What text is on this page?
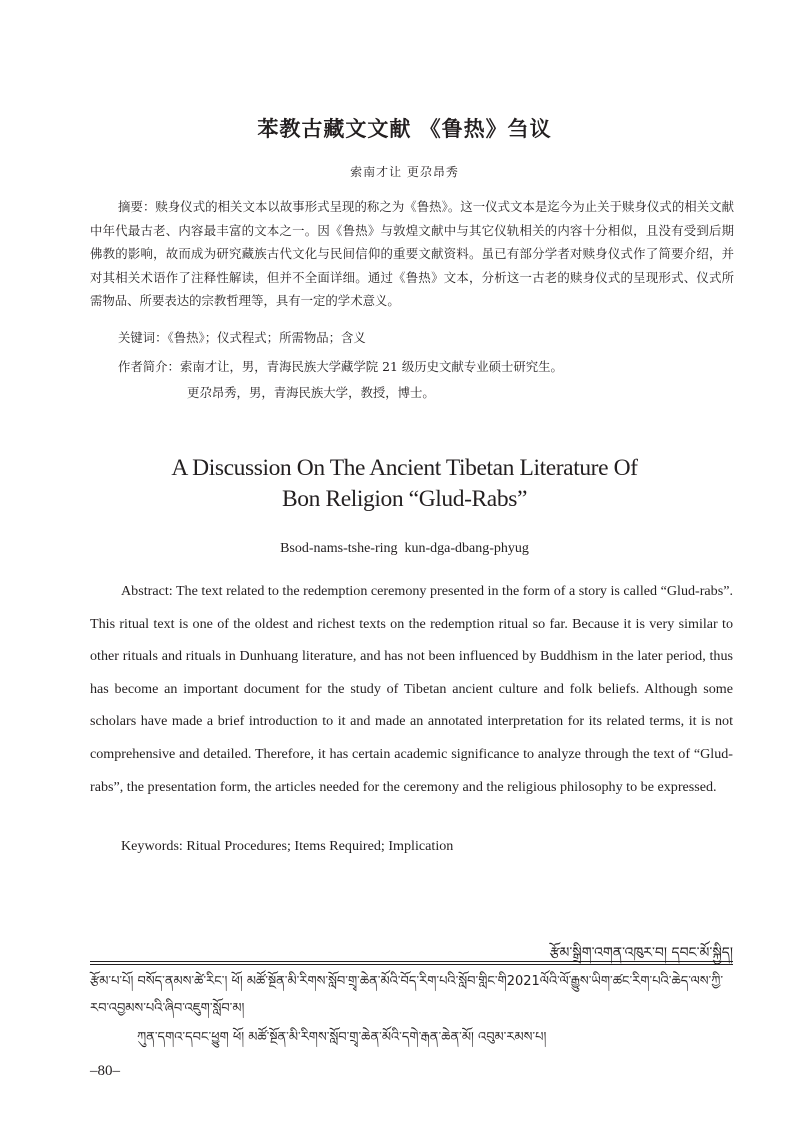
苯教古藏文文献 《鲁热》刍议
索南才让 更尕昂秀
摘要：赎身仪式的相关文本以故事形式呈现的称之为《鲁热》。这一仪式文本是迄今为止关于赎身仪式的相关文献中年代最古老、内容最丰富的文本之一。因《鲁热》与敦煌文献中与其它仪轨相关的内容十分相似，且没有受到后期佛教的影响，故而成为研究藏族古代文化与民间信仰的重要文献资料。虽已有部分学者对赎身仪式作了简要介绍，并对其相关术语作了注释性解读，但并不全面详细。通过《鲁热》文本，分析这一古老的赎身仪式的呈现形式、仪式所需物品、所要表达的宗教哲理等，具有一定的学术意义。
关键词：《鲁热》；仪式程式；所需物品；含义
作者简介：索南才让，男，青海民族大学藏学院 21 级历史文献专业硕士研究生。
更尕昂秀，男，青海民族大学，教授，博士。
A Discussion On The Ancient Tibetan Literature Of
Bon Religion “Glud-Rabs”
Bsod-nams-tshe-ring  kun-dga-dbang-phyug
Abstract: The text related to the redemption ceremony presented in the form of a story is called “Glud-rabs”. This ritual text is one of the oldest and richest texts on the redemption ritual so far. Because it is very similar to other rituals and rituals in Dunhuang literature, and has not been influenced by Buddhism in the later period, thus has become an important document for the study of Tibetan ancient culture and folk beliefs. Although some scholars have made a brief introduction to it and made an annotated interpretation for its related terms, it is not comprehensive and detailed. Therefore, it has certain academic significance to analyze through the text of “Glud-rabs”, the presentation form, the articles needed for the ceremony and the religious philosophy to be expressed.
Keywords: Ritual Procedures; Items Required; Implication
རྩོམ་སྒྲིག་འགན་འཁུར་བ། དབང་མོ་སྐྱིད།
རྩོམ་པ་པོ། བསོད་ནམས་ཚེ་རིང་། ཕོ། མཚོ་སྔོན་མི་རིགས་སློབ་གྲྭ་ཆེན་མོའི་བོད་རིག་པའི་སློབ་གླིང་གི2021ལོའི་ལོ་རྒྱུས་ཡིག་ཚང་རིག་པའི་ཆེད་ལས་ཀྱི་རབ་འབྱམས་པའི་ཞིབ་འཇུག་སློབ་མ།
ཀུན་དགའ་དབང་ཕྱུག ཕོ། མཚོ་སྔོན་མི་རིགས་སློབ་གྲྭ་ཆེན་མོའི་དགེ་རྒན་ཆེན་མོ། འབུམ་རམས་པ།
–80–
